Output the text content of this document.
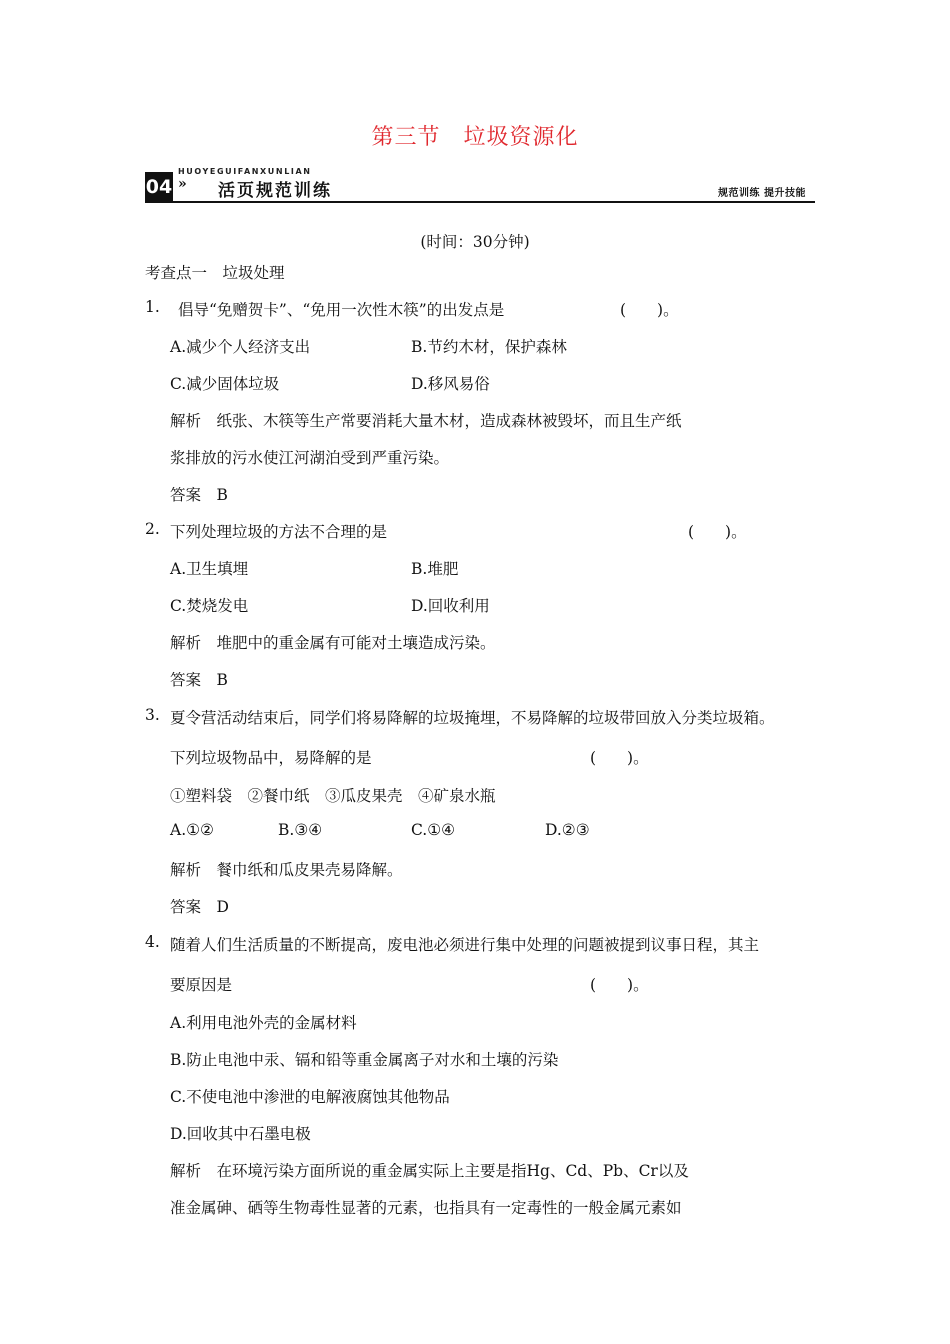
第三节　垃圾资源化
HUOYEGUIFANXUNLIAN
04 » 活页规范训练	规范训练 提升技能
(时间：30分钟)
考查点一　垃圾处理
1. 倡导“免赠贺卡”、“免用一次性木筷”的出发点是	(　　)。
A.减少个人经济支出	B.节约木材，保护森林
C.减少固体垃圾	D.移风易俗
解析　纸张、木筷等生产常要消耗大量木材，造成森林被毁坏，而且生产纸
浆排放的污水使江河湖泊受到严重污染。
答案　B
2. 下列处理垃圾的方法不合理的是	(　　)。
A.卫生填埋	B.堆肥
C.焚烧发电	D.回收利用
解析　堆肥中的重金属有可能对土壤造成污染。
答案　B
3. 夏令营活动结束后，同学们将易降解的垃圾掩埋，不易降解的垃圾带回放入分类垃圾箱。
下列垃圾物品中，易降解的是	(　　)。
①塑料袋　②餐巾纸　③瓜皮果壳　④矿泉水瓶
A.①②	B.③④	C.①④	D.②③
解析　餐巾纸和瓜皮果壳易降解。
答案　D
4. 随着人们生活质量的不断提高，废电池必须进行集中处理的问题被提到议事日程，其主
要原因是	(　　)。
A.利用电池外壳的金属材料
B.防止电池中汞、镉和铅等重金属离子对水和土壤的污染
C.不使电池中渗泄的电解液腐蚀其他物品
D.回收其中石墨电极
解析　在环境污染方面所说的重金属实际上主要是指Hg、Cd、Pb、Cr以及
准金属砷、硒等生物毒性显著的元素，也指具有一定毒性的一般金属元素如
